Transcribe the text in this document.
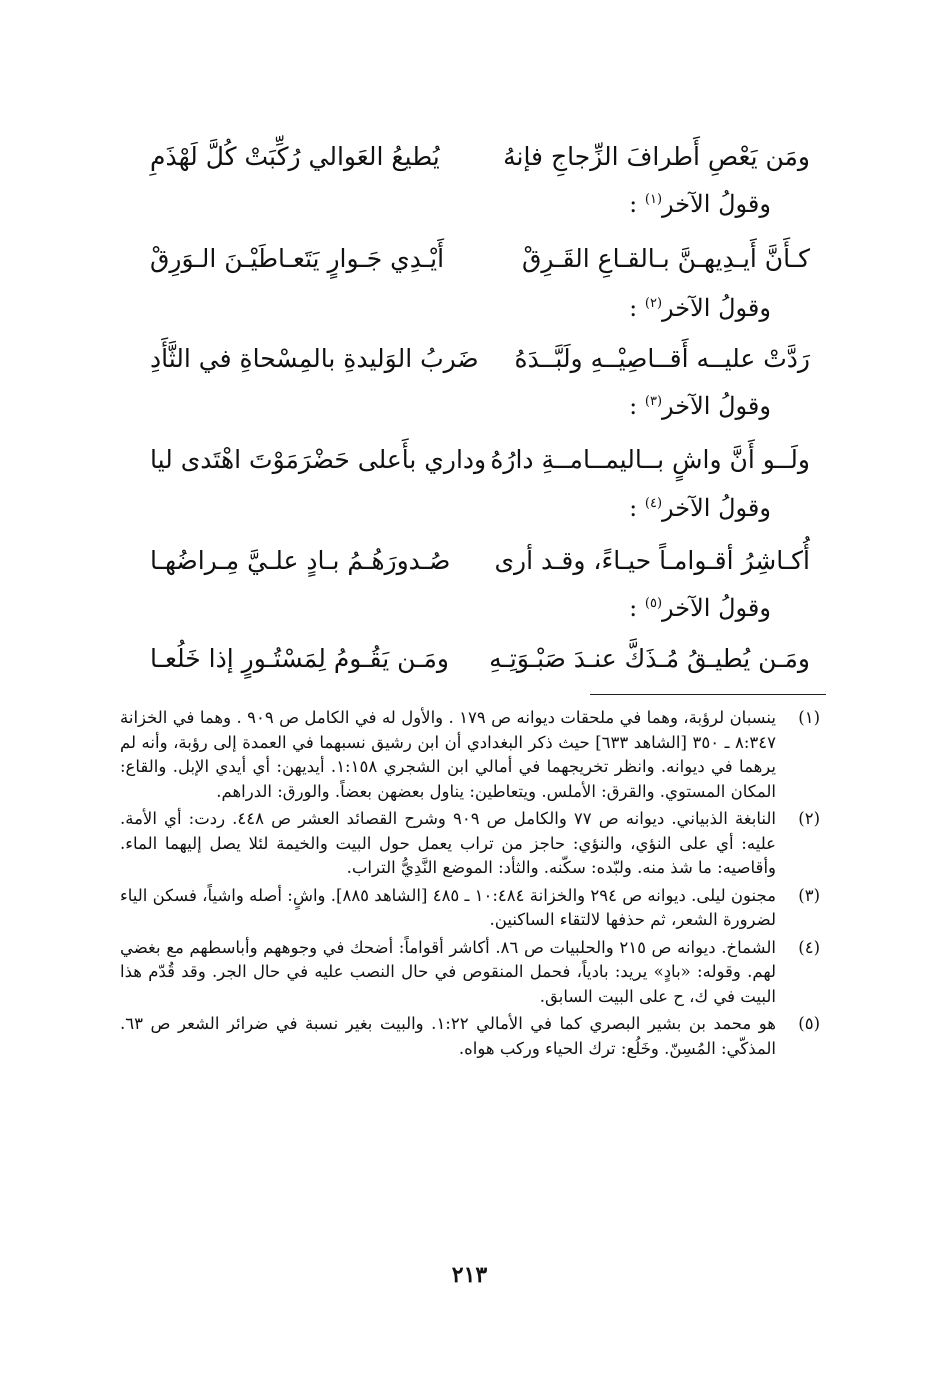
ومَن يَعْصِ أَطرافَ الزِّجاجِ فإنهُ
يُطيعُ العَوالي رُكِّبَتْ كُلَّ لَهْذَمِ
وقولُ الآخر$^{(١)}$ :
كـأَنَّ أَيـدِيهـنَّ بـالقـاعِ القَـرِقْ
أَيْـدِي جَـوارٍ يَتَعـاطَيْـنَ الـوَرِقْ
وقولُ الآخر$^{(٢)}$ :
رَدَّتْ عليــه أَقــاصِيْــهِ ولَبَّــدَهُ
ضَربُ الوَليدةِ بالمِسْحاةِ في الثَّأَدِ
وقولُ الآخر$^{(٣)}$ :
ولَــو أَنَّ واشٍ بــاليمــامــةِ دارُهُ
وداري بأَعلى حَضْرَمَوْتَ اهْتَدى ليا
وقولُ الآخر$^{(٤)}$ :
أُكـاشِرُ أقـوامـاً حيـاءً، وقـد أرى
صُـدورَهُـمُ بـادٍ علـيَّ مِـراضُهـا
وقولُ الآخر$^{(٥)}$ :
ومَـن يُطيـقُ مُـذَكَّ عنـدَ صَبْـوَتِـهِ
ومَـن يَقُـومُ لِمَسْتُـورٍ إذا خَلُعـا
(١)
ينسبان لرؤبة، وهما في ملحقات ديوانه ص ١٧٩ . والأول له في الكامل ص ٩٠٩ . وهما في الخزانة ٨:٣٤٧ ـ ٣٥٠ [الشاهد ٦٣٣] حيث ذكر البغدادي أن ابن رشيق نسبهما في العمدة إلى رؤبة، وأنه لم يرهما في ديوانه. وانظر تخريجهما في أمالي ابن الشجري ١:١٥٨. أيديهن: أي أيدي الإبل. والقاع: المكان المستوي. والقرق: الأملس. ويتعاطين: يناول بعضهن بعضاً. والورق: الدراهم.
(٢)
النابغة الذبياني. ديوانه ص ٧٧ والكامل ص ٩٠٩ وشرح القصائد العشر ص ٤٤٨. ردت: أي الأمة. عليه: أي على النؤي، والنؤي: حاجز من تراب يعمل حول البيت والخيمة لئلا يصل إليهما الماء. وأقاصيه: ما شذ منه. ولبّده: سكّنه. والثأد: الموضع النَّدِيُّ التراب.
(٣)
مجنون ليلى. ديوانه ص ٢٩٤ والخزانة ١٠:٤٨٤ ـ ٤٨٥ [الشاهد ٨٨٥]. واشٍ: أصله واشياً، فسكن الياء لضرورة الشعر، ثم حذفها لالتقاء الساكنين.
(٤)
الشماخ. ديوانه ص ٢١٥ والحلبيات ص ٨٦. أكاشر أقواماً: أضحك في وجوههم وأباسطهم مع بغضي لهم. وقوله: «بادٍ» يريد: بادياً، فحمل المنقوص في حال النصب عليه في حال الجر. وقد قُدّم هذا البيت في ك، ح على البيت السابق.
(٥)
هو محمد بن بشير البصري كما في الأمالي ١:٢٢. والبيت بغير نسبة في ضرائر الشعر ص ٦٣. المذكّي: المُسِنّ. وخَلُع: ترك الحياء وركب هواه.
٢١٣
